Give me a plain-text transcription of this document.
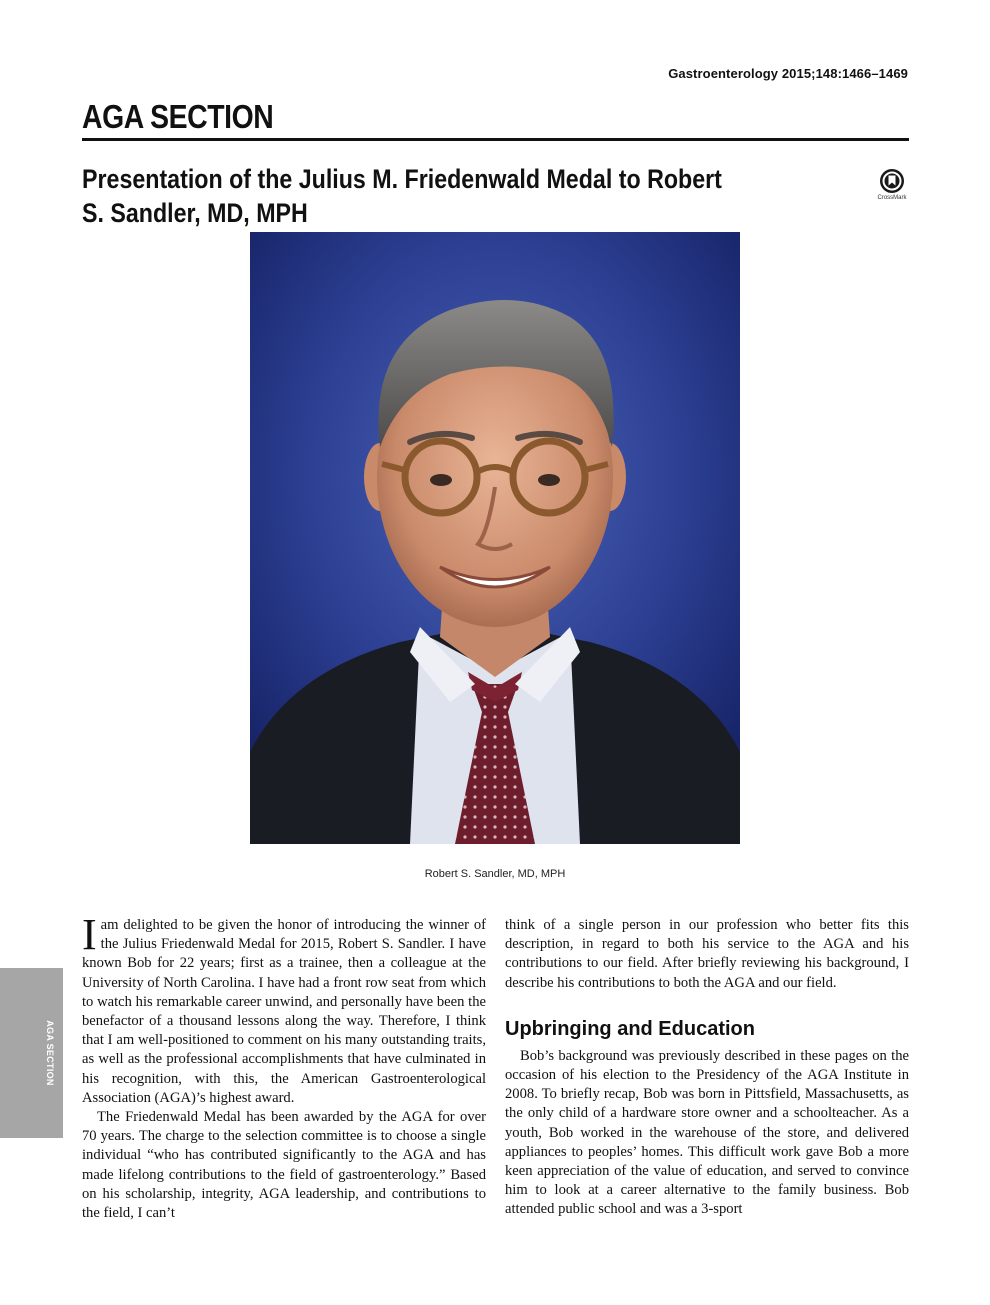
Gastroenterology 2015;148:1466–1469
AGA SECTION
Presentation of the Julius M. Friedenwald Medal to Robert S. Sandler, MD, MPH	CrossMark
Robert S. Sandler, MD, MPH
AGA SECTION

Iam delighted to be given the honor of introducing the winner of the Julius Friedenwald Medal for 2015, Robert S. Sandler. I have known Bob for 22 years; first as a trainee, then a colleague at the University of North Carolina. I have had a front row seat from which to watch his remarkable career unwind, and personally have been the benefactor of a thousand lessons along the way. Therefore, I think that I am well-positioned to comment on his many outstanding traits, as well as the professional accomplishments that have culminated in his recognition, with this, the American Gastroenterological Association (AGA)’s highest award.

The Friedenwald Medal has been awarded by the AGA for over 70 years. The charge to the selection committee is to choose a single individual “who has contributed significantly to the AGA and has made lifelong contributions to the field of gastroenterology.” Based on his scholarship, integrity, AGA leadership, and contributions to the field, I can’t

think of a single person in our profession who better fits this description, in regard to both his service to the AGA and his contributions to our field. After briefly reviewing his background, I describe his contributions to both the AGA and our field.

Upbringing and Education

Bob’s background was previously described in these pages on the occasion of his election to the Presidency of the AGA Institute in 2008. To briefly recap, Bob was born in Pittsfield, Massachusetts, as the only child of a hardware store owner and a schoolteacher. As a youth, Bob worked in the warehouse of the store, and delivered appliances to peoples’ homes. This difficult work gave Bob a more keen appreciation of the value of education, and served to convince him to look at a career alternative to the family business. Bob attended public school and was a 3-sport
